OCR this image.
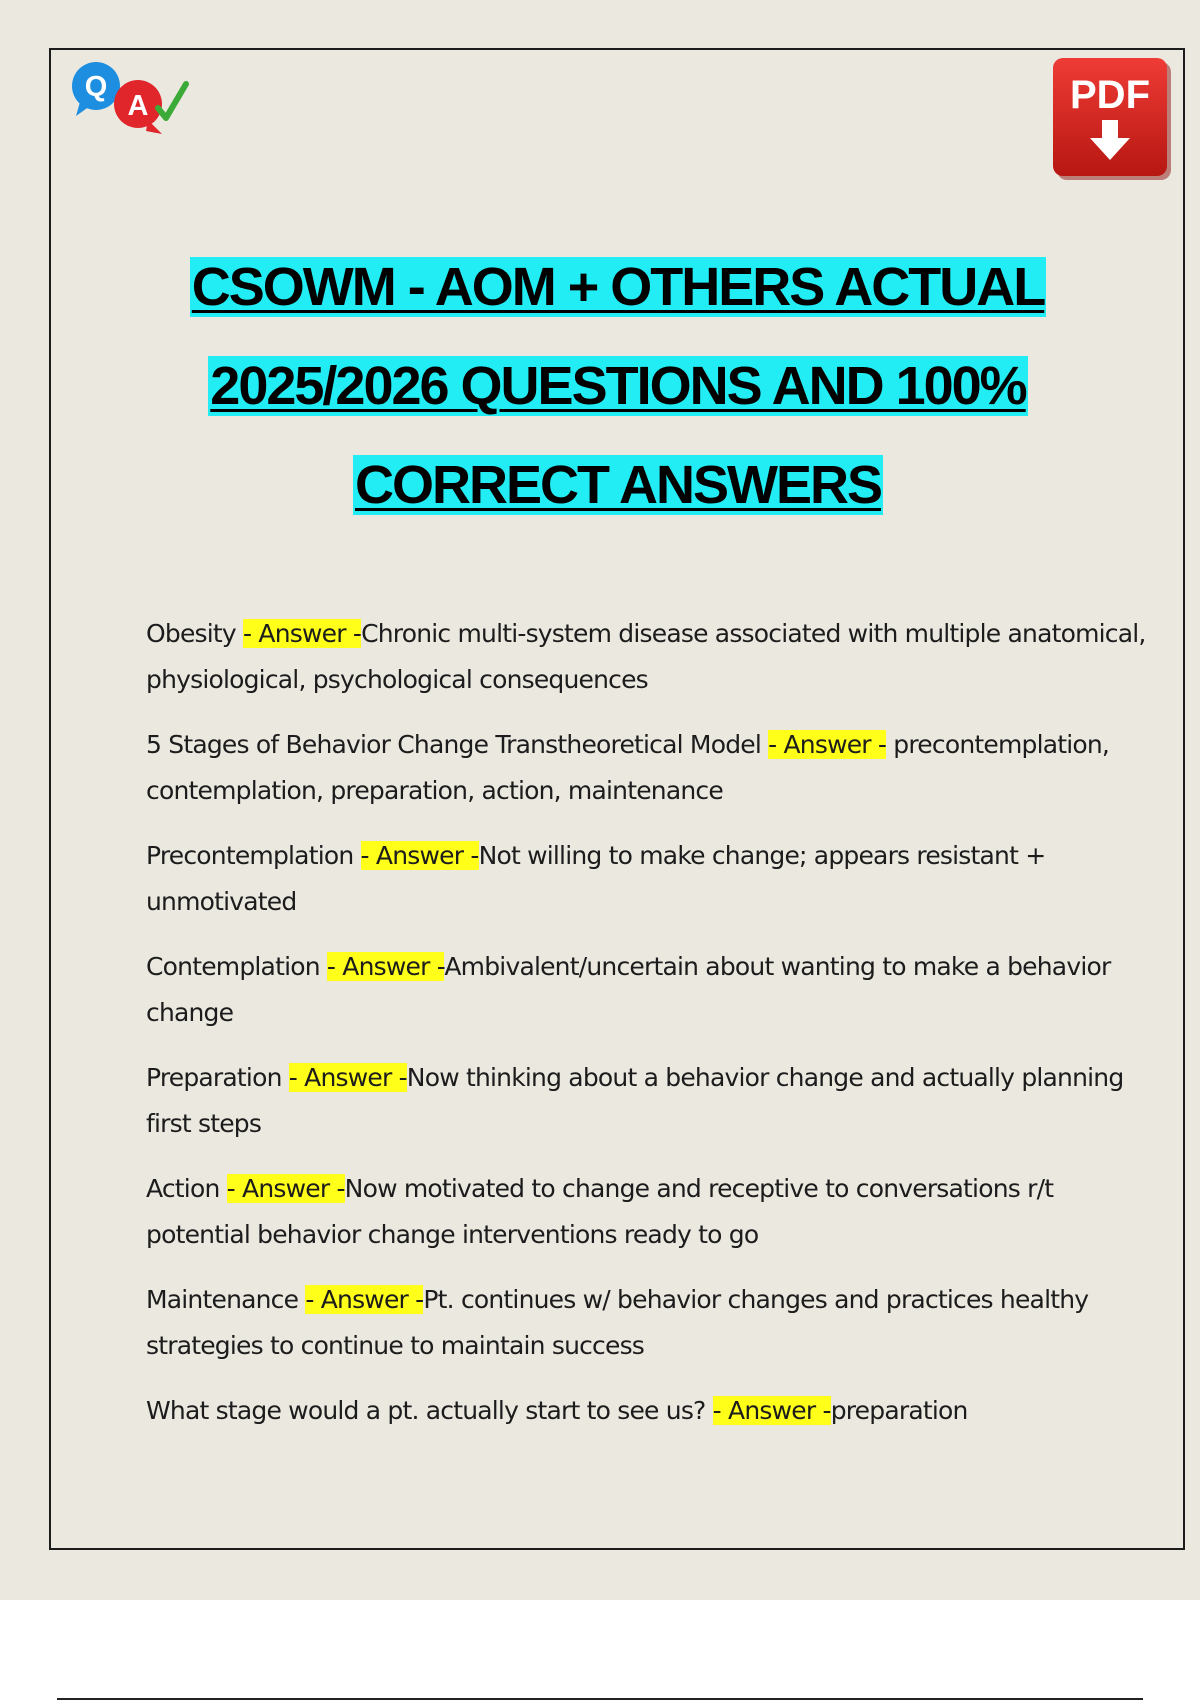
Q
A	PDF
CSOWM - AOM + OTHERS ACTUAL
2025/2026 QUESTIONS AND 100%
CORRECT ANSWERS
Obesity - Answer -Chronic multi-system disease associated with multiple anatomical, physiological, psychological consequences
5 Stages of Behavior Change Transtheoretical Model - Answer - precontemplation, contemplation, preparation, action, maintenance
Precontemplation - Answer -Not willing to make change; appears resistant + unmotivated
Contemplation - Answer -Ambivalent/uncertain about wanting to make a behavior change
Preparation - Answer -Now thinking about a behavior change and actually planning first steps
Action - Answer -Now motivated to change and receptive to conversations r/t potential behavior change interventions ready to go
Maintenance - Answer -Pt. continues w/ behavior changes and practices healthy strategies to continue to maintain success
What stage would a pt. actually start to see us? - Answer -preparation
